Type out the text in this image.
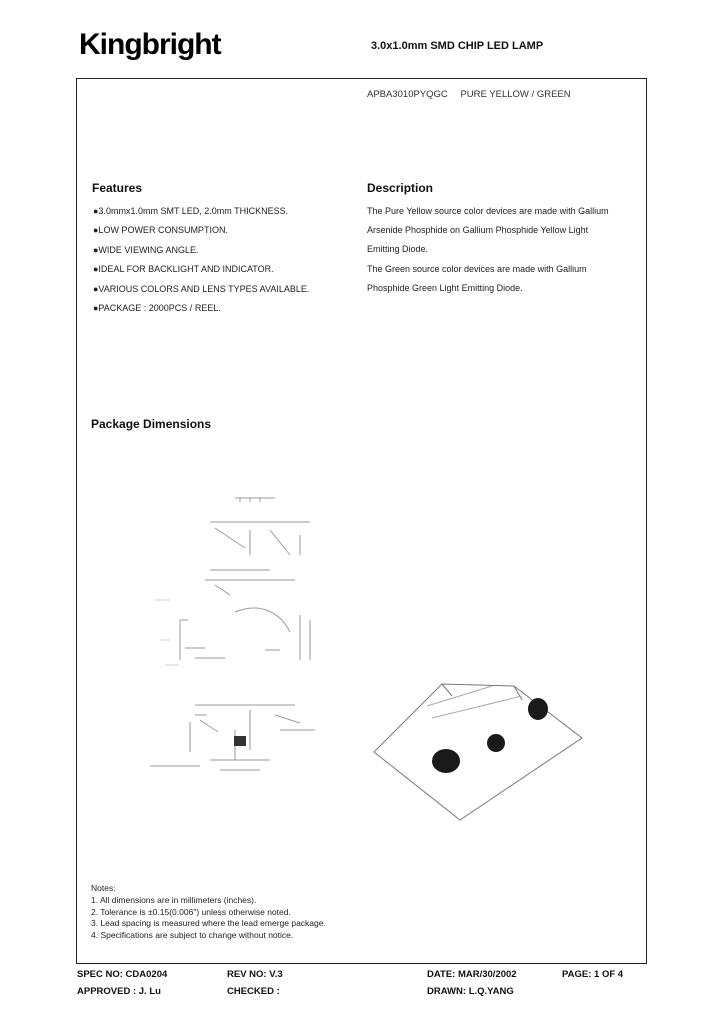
Kingbright	3.0x1.0mm SMD CHIP LED LAMP
APBA3010PYQGC PURE YELLOW / GREEN
Features
●3.0mmx1.0mm SMT LED, 2.0mm THICKNESS.
●LOW POWER CONSUMPTION.
●WIDE VIEWING ANGLE.
●IDEAL FOR BACKLIGHT AND INDICATOR.
●VARIOUS COLORS AND LENS TYPES AVAILABLE.
●PACKAGE : 2000PCS / REEL.
Description
The Pure Yellow source color devices are made with Gallium
Arsenide Phosphide on Gallium Phosphide Yellow Light
Emitting Diode.
The Green source color devices are made with Gallium
Phosphide Green Light Emitting Diode.
Package Dimensions
Notes:
1. All dimensions are in millimeters (inches).
2. Tolerance is ±0.15(0.006") unless otherwise noted.
3. Lead spacing is measured where the lead emerge package.
4. Specifications are subject to change without notice.
SPEC NO: CDA0204	REV NO: V.3	DATE: MAR/30/2002	PAGE: 1 OF 4
APPROVED : J. Lu	CHECKED :	DRAWN: L.Q.YANG
